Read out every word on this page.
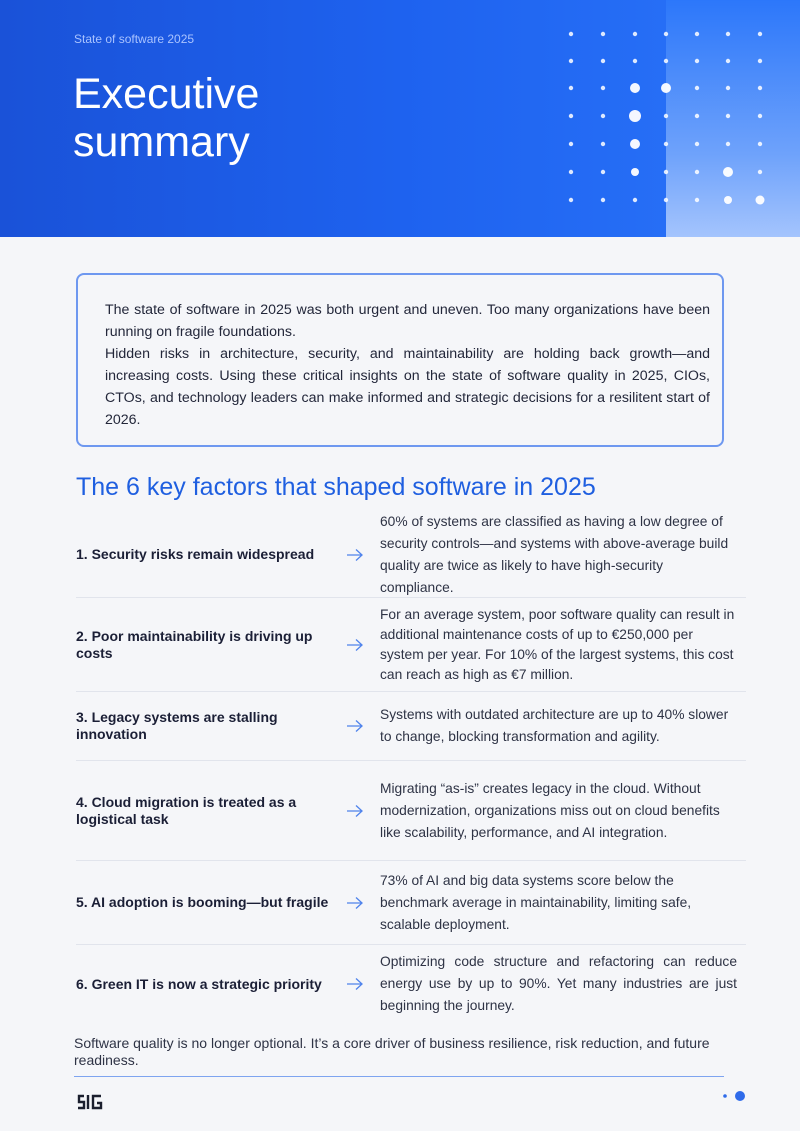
State of software 2025
Executive summary

The state of software in 2025 was both urgent and uneven. Too many organizations have been running on fragile foundations.

Hidden risks in architecture, security, and maintainability are holding back growth—and increasing costs. Using these critical insights on the state of software quality in 2025, CIOs, CTOs, and technology leaders can make informed and strategic decisions for a resilitent start of 2026.

The 6 key factors that shaped software in 2025
1. Security risks remain widespread
60% of systems are classified as having a low degree of security controls—and systems with above-average build quality are twice as likely to have high-security compliance.
2. Poor maintainability is driving up costs
For an average system, poor software quality can result in additional maintenance costs of up to €250,000 per system per year. For 10% of the largest systems, this cost can reach as high as €7 million.
3. Legacy systems are stalling innovation
Systems with outdated architecture are up to 40% slower to change, blocking transformation and agility.
4. Cloud migration is treated as a logistical task
Migrating “as-is” creates legacy in the cloud. Without modernization, organizations miss out on cloud benefits like scalability, performance, and AI integration.
5. AI adoption is booming—but fragile
73% of AI and big data systems score below the benchmark average in maintainability, limiting safe, scalable deployment.
6. Green IT is now a strategic priority
Optimizing code structure and refactoring can reduce energy use by up to 90%. Yet many industries are just beginning the journey.

Software quality is no longer optional. It’s a core driver of business resilience, risk reduction, and future readiness.
